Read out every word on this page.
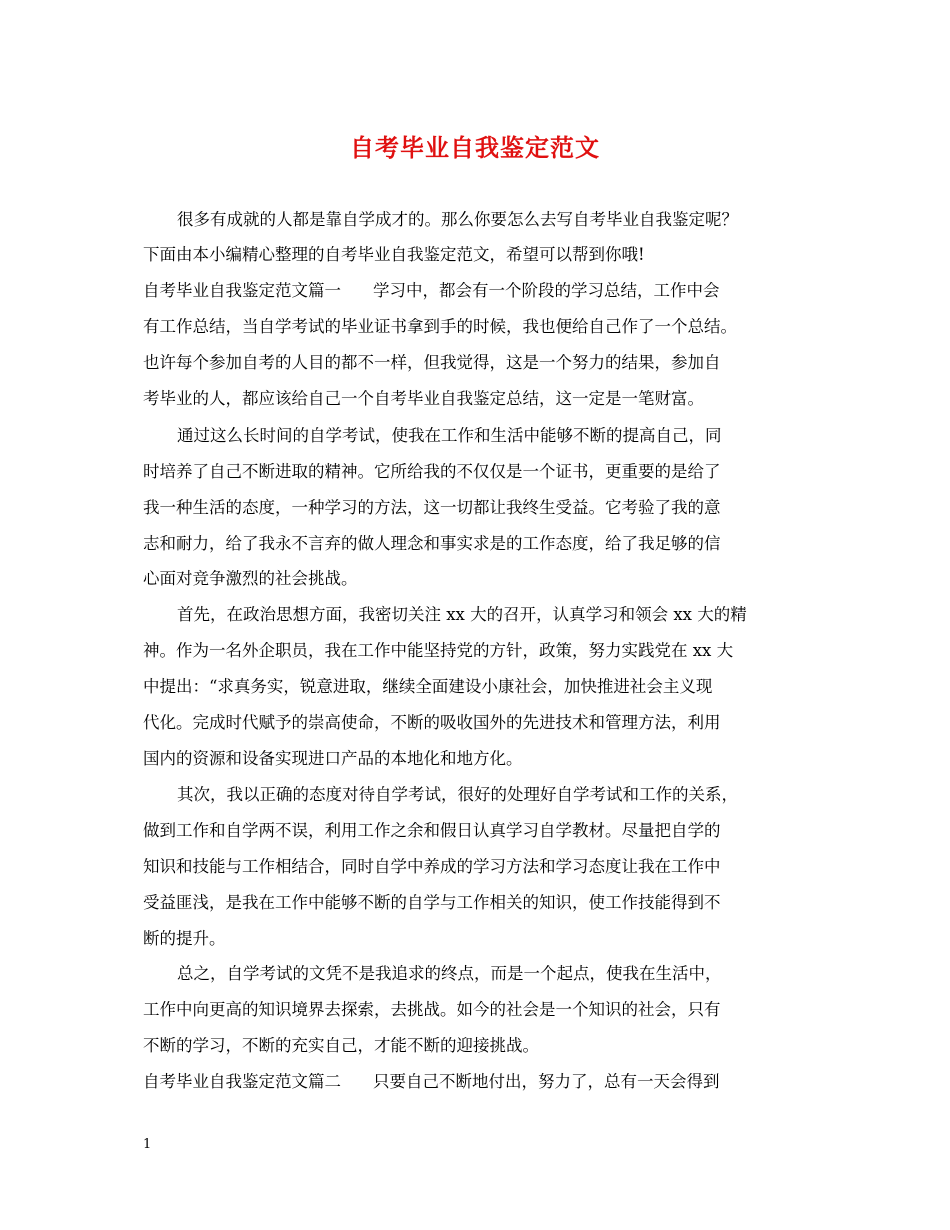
自考毕业自我鉴定范文
很多有成就的人都是靠自学成才的。那么你要怎么去写自考毕业自我鉴定呢？
下面由本小编精心整理的自考毕业自我鉴定范文，希望可以帮到你哦!
自考毕业自我鉴定范文篇一 学习中，都会有一个阶段的学习总结，工作中会
有工作总结，当自学考试的毕业证书拿到手的时候，我也便给自己作了一个总结。
也许每个参加自考的人目的都不一样，但我觉得，这是一个努力的结果，参加自
考毕业的人，都应该给自己一个自考毕业自我鉴定总结，这一定是一笔财富。
通过这么长时间的自学考试，使我在工作和生活中能够不断的提高自己，同
时培养了自己不断进取的精神。它所给我的不仅仅是一个证书，更重要的是给了
我一种生活的态度，一种学习的方法，这一切都让我终生受益。它考验了我的意
志和耐力，给了我永不言弃的做人理念和事实求是的工作态度，给了我足够的信
心面对竞争激烈的社会挑战。
首先，在政治思想方面，我密切关注 xx 大的召开，认真学习和领会 xx 大的精
神。作为一名外企职员，我在工作中能坚持党的方针，政策，努力实践党在 xx 大
中提出：“求真务实，锐意进取，继续全面建设小康社会，加快推进社会主义现
代化。完成时代赋予的崇高使命，不断的吸收国外的先进技术和管理方法，利用
国内的资源和设备实现进口产品的本地化和地方化。
其次，我以正确的态度对待自学考试，很好的处理好自学考试和工作的关系，
做到工作和自学两不误，利用工作之余和假日认真学习自学教材。尽量把自学的
知识和技能与工作相结合，同时自学中养成的学习方法和学习态度让我在工作中
受益匪浅，是我在工作中能够不断的自学与工作相关的知识，使工作技能得到不
断的提升。
总之，自学考试的文凭不是我追求的终点，而是一个起点，使我在生活中，
工作中向更高的知识境界去探索，去挑战。如今的社会是一个知识的社会，只有
不断的学习，不断的充实自己，才能不断的迎接挑战。
自考毕业自我鉴定范文篇二 只要自己不断地付出，努力了，总有一天会得到
1
